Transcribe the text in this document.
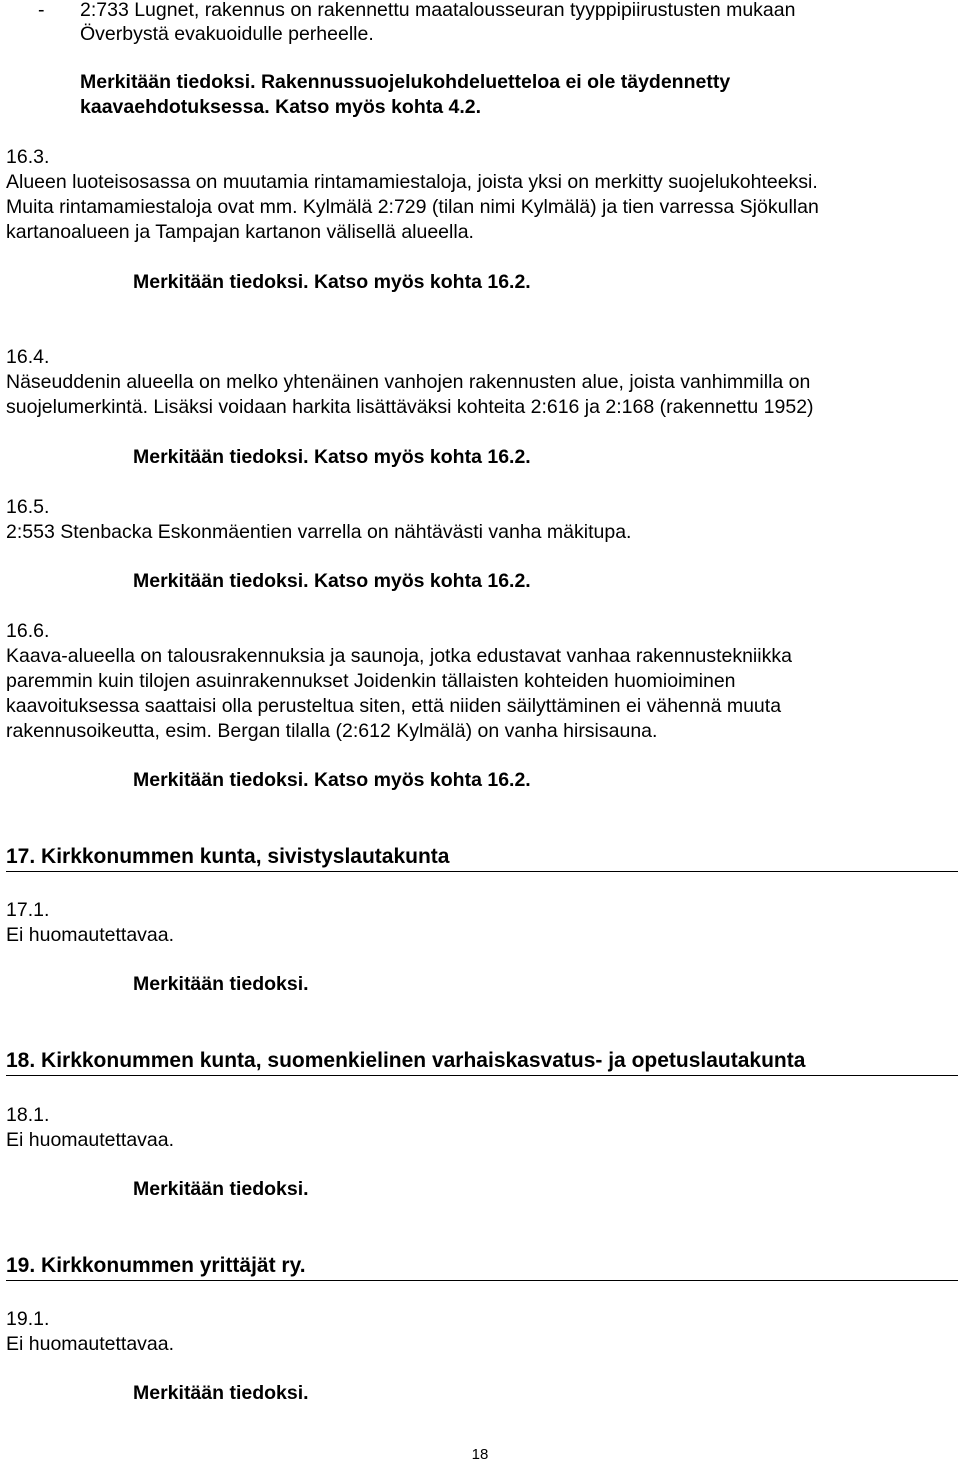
- 2:733 Lugnet, rakennus on rakennettu maatalousseuran tyyppipiirustusten mukaan
Överbystä evakuoidulle perheelle.
Merkitään tiedoksi. Rakennussuojelukohdeluetteloa ei ole täydennetty
kaavaehdotuksessa. Katso myös kohta 4.2.
16.3.
Alueen luoteisosassa on muutamia rintamamiestaloja, joista yksi on merkitty suojelukohteeksi.
Muita rintamamiestaloja ovat mm. Kylmälä 2:729 (tilan nimi Kylmälä) ja tien varressa Sjökullan
kartanoalueen ja Tampajan kartanon välisellä alueella.
Merkitään tiedoksi. Katso myös kohta 16.2.
16.4.
Näseuddenin alueella on melko yhtenäinen vanhojen rakennusten alue, joista vanhimmilla on
suojelumerkintä. Lisäksi voidaan harkita lisättäväksi kohteita 2:616 ja 2:168 (rakennettu 1952)
Merkitään tiedoksi. Katso myös kohta 16.2.
16.5.
2:553 Stenbacka Eskonmäentien varrella on nähtävästi vanha mäkitupa.
Merkitään tiedoksi. Katso myös kohta 16.2.
16.6.
Kaava-alueella on talousrakennuksia ja saunoja, jotka edustavat vanhaa rakennustekniikka
paremmin kuin tilojen asuinrakennukset Joidenkin tällaisten kohteiden huomioiminen
kaavoituksessa saattaisi olla perusteltua siten, että niiden säilyttäminen ei vähennä muuta
rakennusoikeutta, esim. Bergan tilalla (2:612 Kylmälä) on vanha hirsisauna.
Merkitään tiedoksi. Katso myös kohta 16.2.
17. Kirkkonummen kunta, sivistyslautakunta
17.1.
Ei huomautettavaa.
Merkitään tiedoksi.
18. Kirkkonummen kunta, suomenkielinen varhaiskasvatus- ja opetuslautakunta
18.1.
Ei huomautettavaa.
Merkitään tiedoksi.
19. Kirkkonummen yrittäjät ry.
19.1.
Ei huomautettavaa.
Merkitään tiedoksi.
18
